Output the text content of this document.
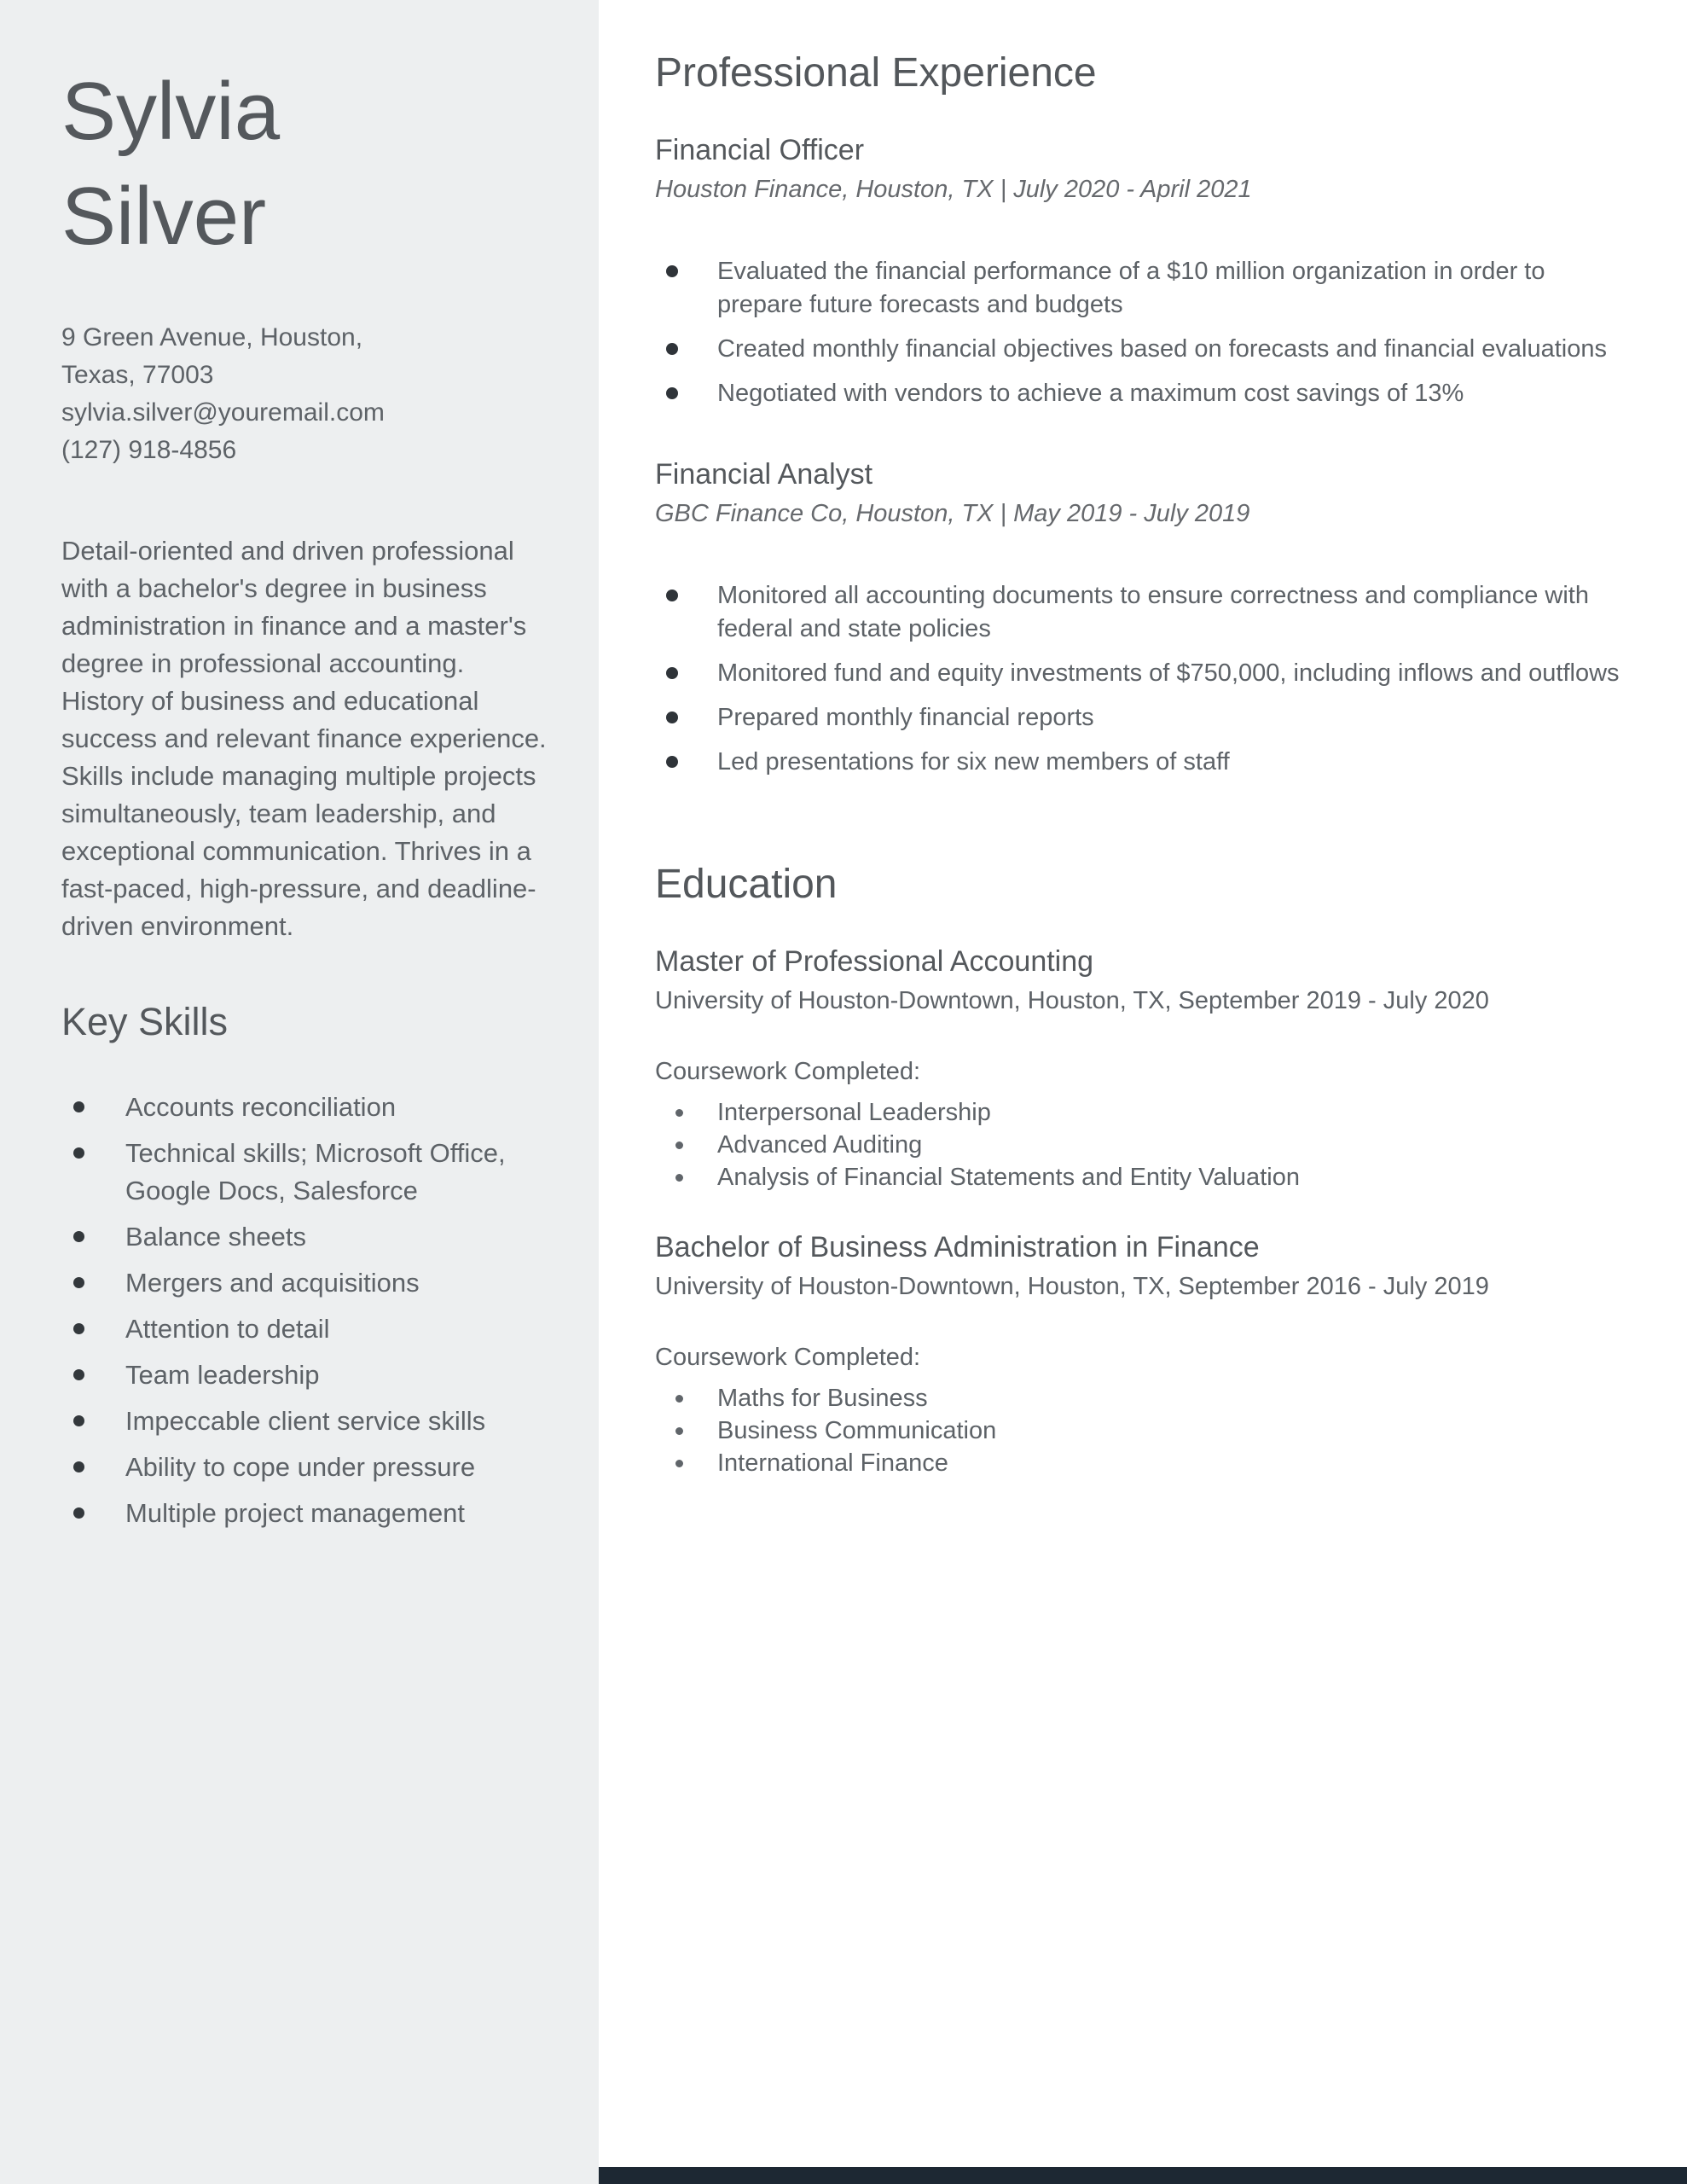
Sylvia
Silver
9 Green Avenue, Houston,
Texas, 77003
sylvia.silver@youremail.com
(127) 918-4856
Detail-oriented and driven professional with a bachelor's degree in business administration in finance and a master's degree in professional accounting. History of business and educational success and relevant finance experience. Skills include managing multiple projects simultaneously, team leadership, and exceptional communication. Thrives in a fast-paced, high-pressure, and deadline-driven environment.
Key Skills
Accounts reconciliation
Technical skills; Microsoft Office, Google Docs, Salesforce
Balance sheets
Mergers and acquisitions
Attention to detail
Team leadership
Impeccable client service skills
Ability to cope under pressure
Multiple project management
Professional Experience
Financial Officer
Houston Finance, Houston, TX | July 2020 - April 2021
Evaluated the financial performance of a $10 million organization in order to prepare future forecasts and budgets
Created monthly financial objectives based on forecasts and financial evaluations
Negotiated with vendors to achieve a maximum cost savings of 13%
Financial Analyst
GBC Finance Co, Houston, TX | May 2019 - July 2019
Monitored all accounting documents to ensure correctness and compliance with federal and state policies
Monitored fund and equity investments of $750,000, including inflows and outflows
Prepared monthly financial reports
Led presentations for six new members of staff
Education
Master of Professional Accounting
University of Houston-Downtown, Houston, TX, September 2019 - July 2020
Coursework Completed:
Interpersonal Leadership
Advanced Auditing
Analysis of Financial Statements and Entity Valuation
Bachelor of Business Administration in Finance
University of Houston-Downtown, Houston, TX, September 2016 - July 2019
Coursework Completed:
Maths for Business
Business Communication
International Finance
